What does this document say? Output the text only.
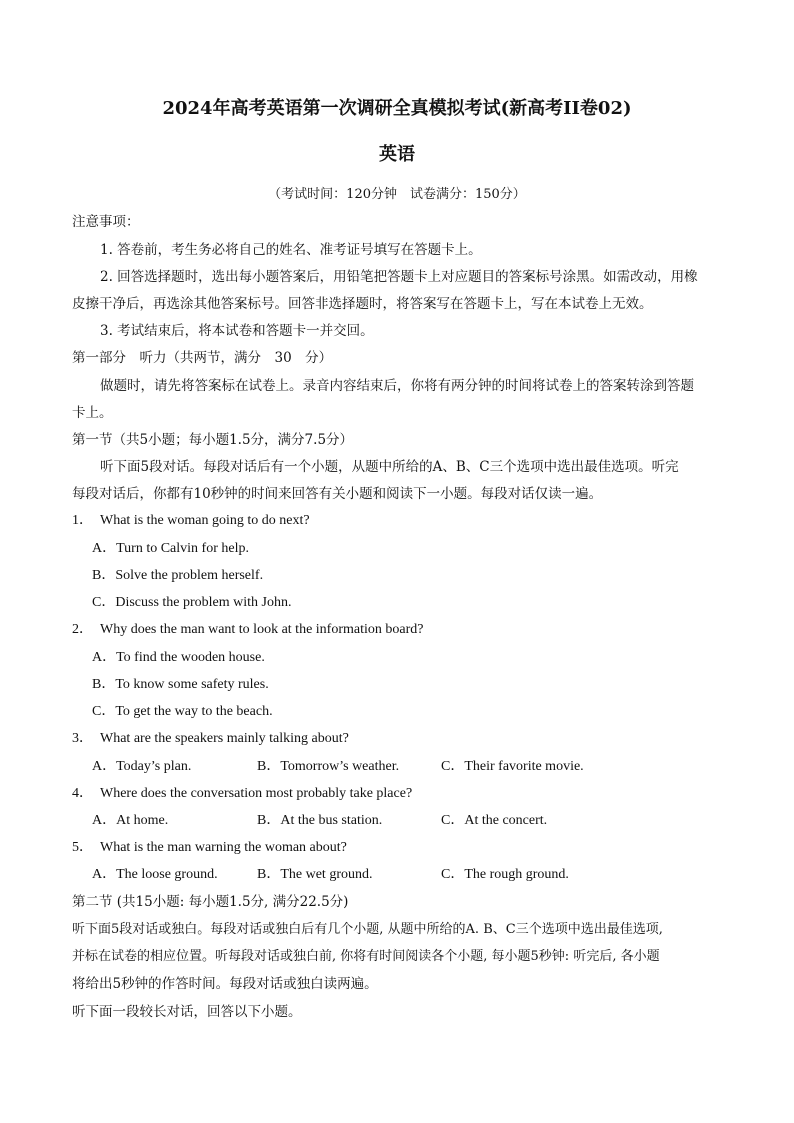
2024年高考英语第一次调研全真模拟考试(新高考II卷02)
英语
（考试时间：120分钟　试卷满分：150分）
注意事项：
1. 答卷前，考生务必将自己的姓名、准考证号填写在答题卡上。
2. 回答选择题时，选出每小题答案后，用铅笔把答题卡上对应题目的答案标号涂黑。如需改动，用橡
皮擦干净后，再选涂其他答案标号。回答非选择题时，将答案写在答题卡上，写在本试卷上无效。
3. 考试结束后，将本试卷和答题卡一并交回。
第一部分　听力（共两节，满分　30　分）
做题时，请先将答案标在试卷上。录音内容结束后，你将有两分钟的时间将试卷上的答案转涂到答题
卡上。
第一节（共5小题；每小题1.5分，满分7.5分）
听下面5段对话。每段对话后有一个小题，从题中所给的A、B、C三个选项中选出最佳选项。听完
每段对话后，你都有10秒钟的时间来回答有关小题和阅读下一小题。每段对话仅读一遍。
1． What is the woman going to do next?
A．Turn to Calvin for help.
B．Solve the problem herself.
C．Discuss the problem with John.
2． Why does the man want to look at the information board?
A．To find the wooden house.
B．To know some safety rules.
C．To get the way to the beach.
3． What are the speakers mainly talking about?
A．Today’s plan.	B．Tomorrow’s weather.	C．Their favorite movie.
4． Where does the conversation most probably take place?
A．At home.	B．At the bus station.	C．At the concert.
5． What is the man warning the woman about?
A．The loose ground.	B．The wet ground.	C．The rough ground.
第二节 (共15小题: 每小题1.5分, 满分22.5分)
听下面5段对话或独白。每段对话或独白后有几个小题, 从题中所给的A. B、C三个选项中选出最佳选项,
并标在试卷的相应位置。听每段对话或独白前, 你将有时间阅读各个小题, 每小题5秒钟: 听完后, 各小题
将给出5秒钟的作答时间。每段对话或独白读两遍。
听下面一段较长对话，回答以下小题。
